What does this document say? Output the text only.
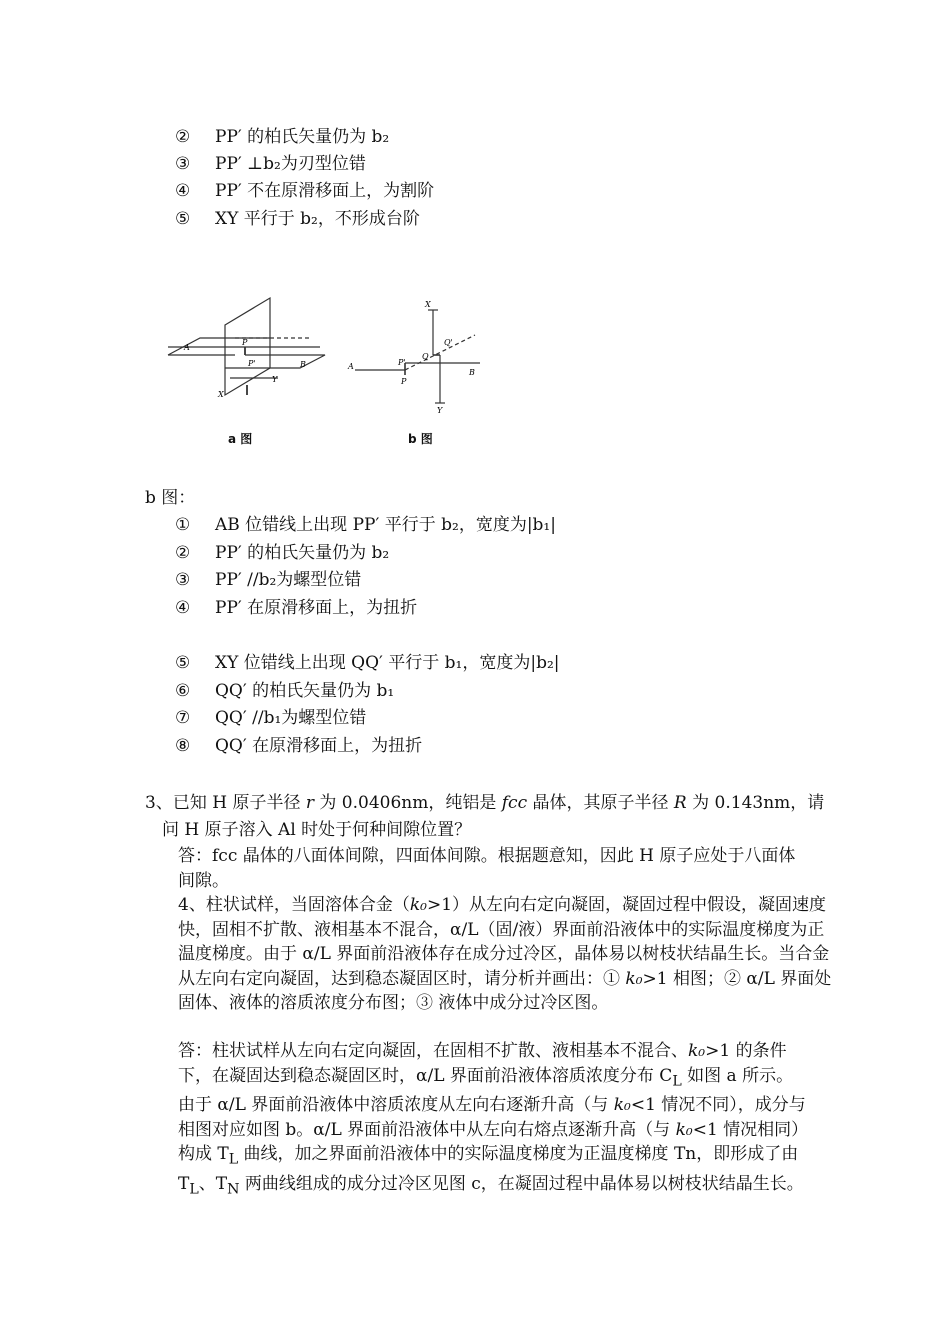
② PP′ 的柏氏矢量仍为 b₂
③ PP′ ⊥b₂为刃型位错
④ PP′ 不在原滑移面上，为割阶
⑤ XY 平行于 b₂，不形成台阶
A
P
P'	B
Y
X
a 图
X
Q'
Q
P'
A
P
B
Y
b 图
b 图：
① AB 位错线上出现 PP′ 平行于 b₂，宽度为|b₁|
② PP′ 的柏氏矢量仍为 b₂
③ PP′ //b₂为螺型位错
④ PP′ 在原滑移面上，为扭折
⑤ XY 位错线上出现 QQ′ 平行于 b₁，宽度为|b₂|
⑥ QQ′ 的柏氏矢量仍为 b₁
⑦ QQ′ //b₁为螺型位错
⑧ QQ′ 在原滑移面上，为扭折
3、已知 H 原子半径 r 为 0.0406nm，纯铝是 fcc 晶体，其原子半径 R 为 0.143nm，请
问 H 原子溶入 Al 时处于何种间隙位置？
答：fcc 晶体的八面体间隙，四面体间隙。根据题意知，因此 H 原子应处于八面体间隙。
4、柱状试样，当固溶体合金（k₀>1）从左向右定向凝固，凝固过程中假设，凝固速度快，固相不扩散、液相基本不混合，α/L（固/液）界面前沿液体中的实际温度梯度为正温度梯度。由于 α/L 界面前沿液体存在成分过冷区，晶体易以树枝状结晶生长。当合金从左向右定向凝固，达到稳态凝固区时，请分析并画出：① k₀>1 相图；② α/L 界面处固体、液体的溶质浓度分布图；③ 液体中成分过冷区图。
答：柱状试样从左向右定向凝固，在固相不扩散、液相基本不混合、k₀>1 的条件下，在凝固达到稳态凝固区时，α/L 界面前沿液体溶质浓度分布 $C_L$ 如图 a 所示。由于 α/L 界面前沿液体中溶质浓度从左向右逐渐升高（与 k₀<1 情况不同），成分与相图对应如图 b。α/L 界面前沿液体中从左向右熔点逐渐升高（与 k₀<1 情况相同）构成 $T_L$ 曲线，加之界面前沿液体中的实际温度梯度为正温度梯度 Tn，即形成了由 $T_L$、$T_N$ 两曲线组成的成分过冷区见图 c，在凝固过程中晶体易以树枝状结晶生长。
